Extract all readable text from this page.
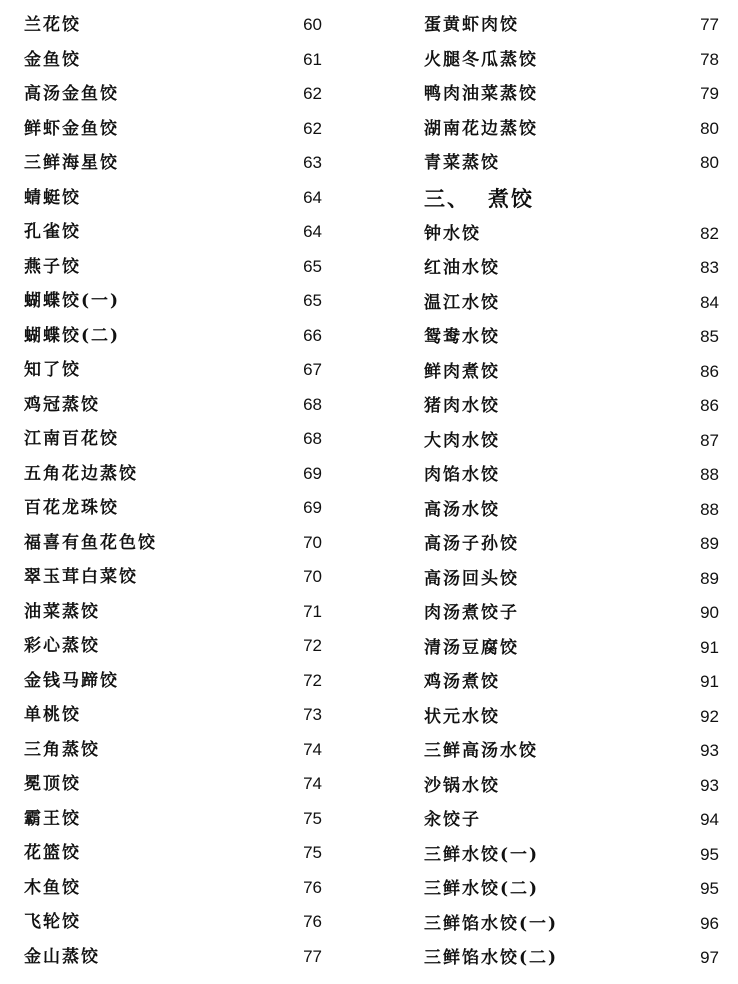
兰花饺	60
金鱼饺	61
高汤金鱼饺	62
鲜虾金鱼饺	62
三鲜海星饺	63
蜻蜓饺	64
孔雀饺	64
燕子饺	65
蝴蝶饺(一)	65
蝴蝶饺(二)	66
知了饺	67
鸡冠蒸饺	68
江南百花饺	68
五角花边蒸饺	69
百花龙珠饺	69
福喜有鱼花色饺	70
翠玉茸白菜饺	70
油菜蒸饺	71
彩心蒸饺	72
金钱马蹄饺	72
单桃饺	73
三角蒸饺	74
冕顶饺	74
霸王饺	75
花篮饺	75
木鱼饺	76
飞轮饺	76
金山蒸饺	77
蛋黄虾肉饺	77
火腿冬瓜蒸饺	78
鸭肉油菜蒸饺	79
湖南花边蒸饺	80
青菜蒸饺	80
三、 煮饺
钟水饺	82
红油水饺	83
温江水饺	84
鸳鸯水饺	85
鲜肉煮饺	86
猪肉水饺	86
大肉水饺	87
肉馅水饺	88
高汤水饺	88
高汤子孙饺	89
高汤回头饺	89
肉汤煮饺子	90
清汤豆腐饺	91
鸡汤煮饺	91
状元水饺	92
三鲜高汤水饺	93
沙锅水饺	93
汆饺子	94
三鲜水饺(一)	95
三鲜水饺(二)	95
三鲜馅水饺(一)	96
三鲜馅水饺(二)	97
